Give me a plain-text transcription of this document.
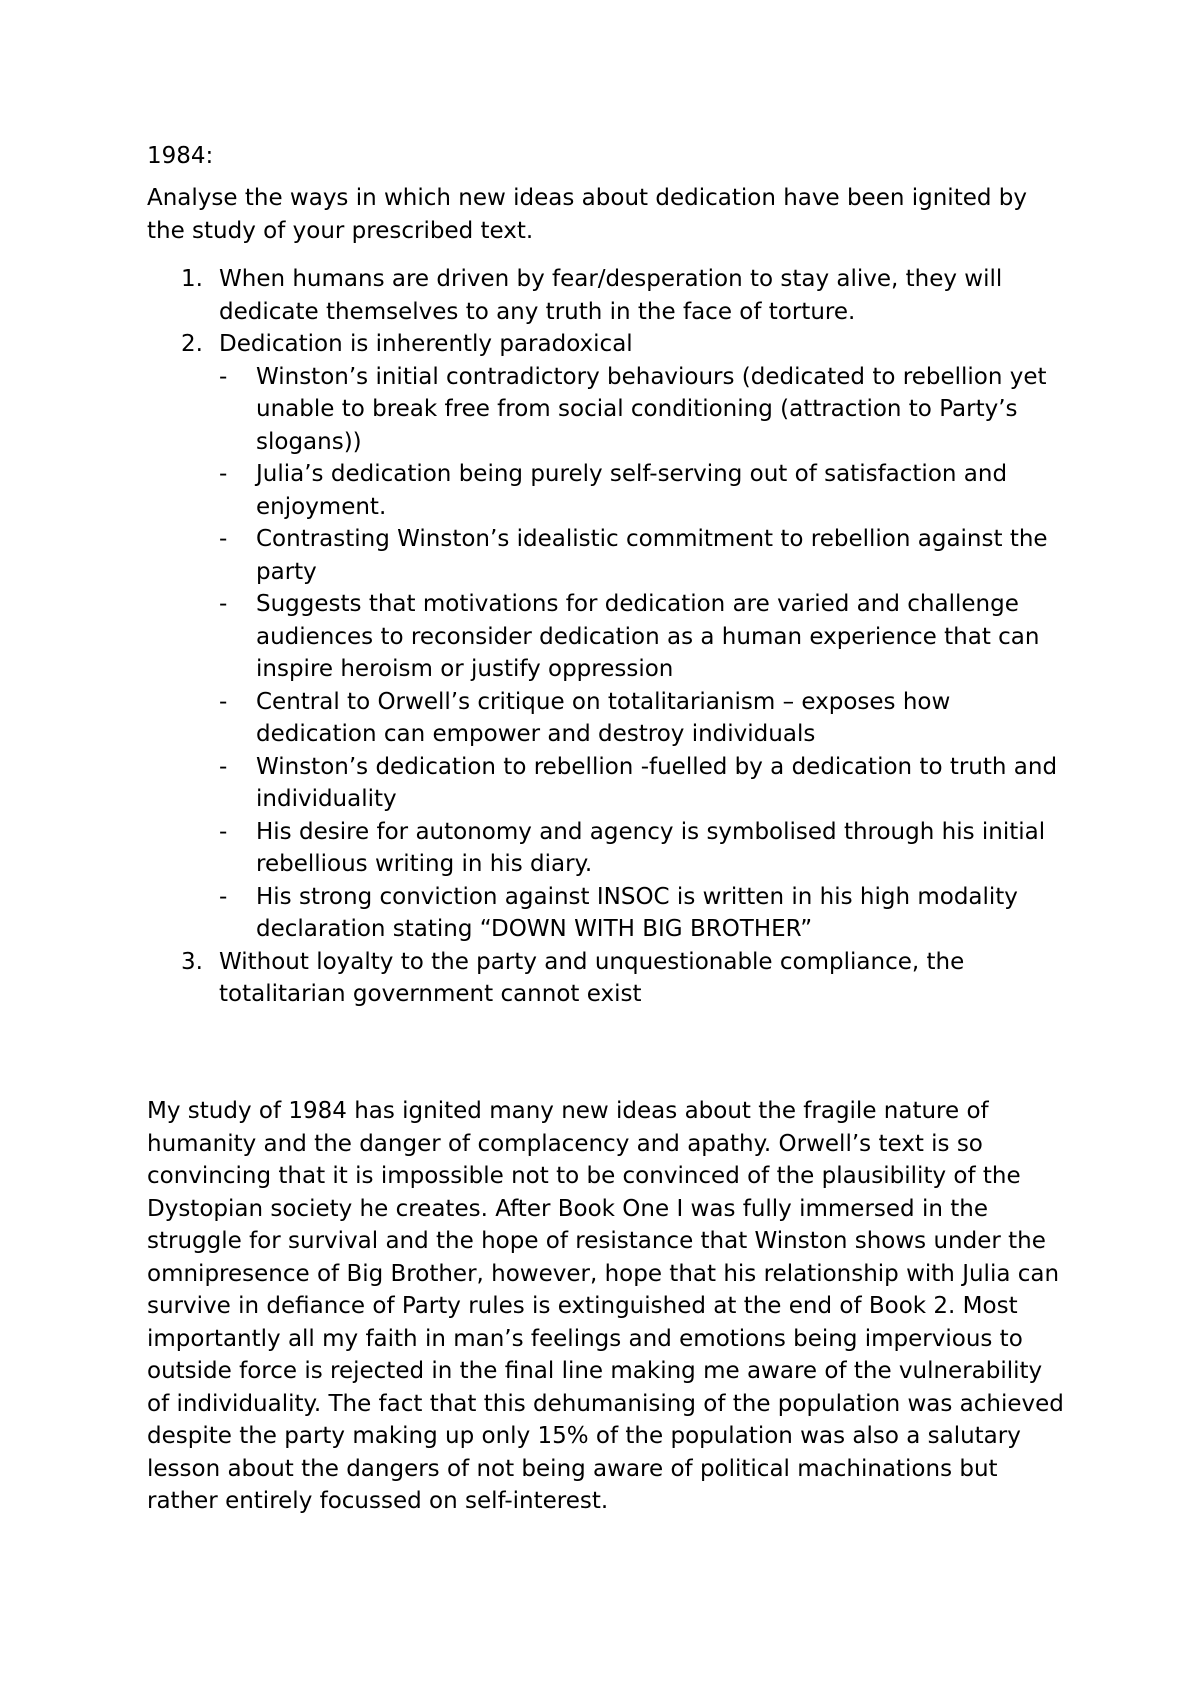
1984:
Analyse the ways in which new ideas about dedication have been ignited by the study of your prescribed text.
1. When humans are driven by fear/desperation to stay alive, they will dedicate themselves to any truth in the face of torture.
2. Dedication is inherently paradoxical
- Winston’s initial contradictory behaviours (dedicated to rebellion yet unable to break free from social conditioning (attraction to Party’s slogans))
- Julia’s dedication being purely self-serving out of satisfaction and enjoyment.
- Contrasting Winston’s idealistic commitment to rebellion against the party
- Suggests that motivations for dedication are varied and challenge audiences to reconsider dedication as a human experience that can inspire heroism or justify oppression
- Central to Orwell’s critique on totalitarianism – exposes how dedication can empower and destroy individuals
- Winston’s dedication to rebellion -fuelled by a dedication to truth and individuality
- His desire for autonomy and agency is symbolised through his initial rebellious writing in his diary.
- His strong conviction against INSOC is written in his high modality declaration stating “DOWN WITH BIG BROTHER”
3. Without loyalty to the party and unquestionable compliance, the totalitarian government cannot exist

My study of 1984 has ignited many new ideas about the fragile nature of humanity and the danger of complacency and apathy. Orwell’s text is so convincing that it is impossible not to be convinced of the plausibility of the Dystopian society he creates. After Book One I was fully immersed in the struggle for survival and the hope of resistance that Winston shows under the omnipresence of Big Brother, however, hope that his relationship with Julia can survive in defiance of Party rules is extinguished at the end of Book 2. Most importantly all my faith in man’s feelings and emotions being impervious to outside force is rejected in the final line making me aware of the vulnerability of individuality. The fact that this dehumanising of the population was achieved despite the party making up only 15% of the population was also a salutary lesson about the dangers of not being aware of political machinations but rather entirely focussed on self-interest.
